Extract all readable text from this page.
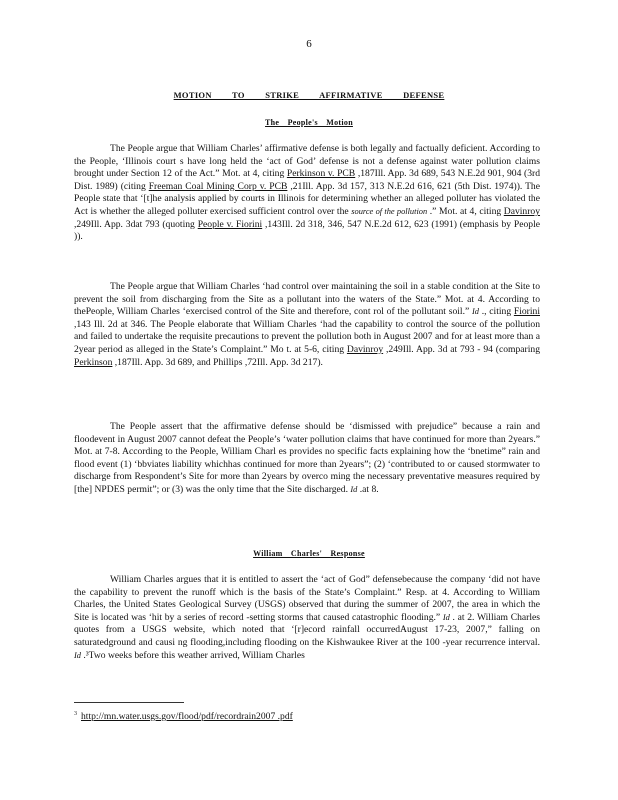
6
MOTION TO STRIKE AFFIRMATIVE DEFENSE
The People's Motion

The People argue that William Charles’ affirmative defense is both legally and factually deficient. According to the People, ‘Illinois court s have long held the ‘act of God’ defense is not a defense against water pollution claims brought under Section 12 of the Act.” Mot. at 4, citing Perkinson v. PCB ,187Ill. App. 3d 689, 543 N.E.2d 901, 904 (3rd Dist. 1989) (citing Freeman Coal Mining Corp v. PCB ,21Ill. App. 3d 157, 313 N.E.2d 616, 621 (5th Dist. 1974)). The People state that ‘[t]he analysis applied by courts in Illinois for determining whether an alleged polluter has violated the Act is whether the alleged polluter exercised sufficient control over the source of the pollution .” Mot. at 4, citing Davinroy ,249Ill. App. 3dat 793 (quoting People v. Fiorini ,143Ill. 2d 318, 346, 547 N.E.2d 612, 623 (1991) (emphasis by People )).

The People argue that William Charles ‘had control over maintaining the soil in a stable condition at the Site to prevent the soil from discharging from the Site as a pollutant into the waters of the State.” Mot. at 4. According to thePeople, William Charles ‘exercised control of the Site and therefore, cont rol of the pollutant soil.” Id ., citing Fiorini ,143 Ill. 2d at 346. The People elaborate that William Charles ‘had the capability to control the source of the pollution and failed to undertake the requisite precautions to prevent the pollution both in August 2007 and for at least more than a 2year period as alleged in the State’s Complaint.” Mo t. at 5-6, citing Davinroy ,249Ill. App. 3d at 793 - 94 (comparing Perkinson ,187Ill. App. 3d 689, and Phillips ,72Ill. App. 3d 217).

The People assert that the affirmative defense should be ‘dismissed with prejudice” because a rain and floodevent in August 2007 cannot defeat the People’s ‘water pollution claims that have continued for more than 2years.” Mot. at 7-8. According to the People, William Charl es provides no specific facts explaining how the ‘bnetime” rain and flood event (1) ‘bbviates liability whichhas continued for more than 2years”; (2) ‘contributed to or caused stormwater to discharge from Respondent’s Site for more than 2years by overco ming the necessary preventative measures required by [the] NPDES permit”; or (3) was the only time that the Site discharged. Id .at 8.

William Charles' Response

William Charles argues that it is entitled to assert the ‘act of God” defensebecause the company ‘did not have the capability to prevent the runoff which is the basis of the State’s Complaint.” Resp. at 4. According to William Charles, the United States Geological Survey (USGS) observed that during the summer of 2007, the area in which the Site is located was ‘hit by a series of record -setting storms that caused catastrophic flooding.” Id . at 2. William Charles quotes from a USGS website, which noted that ‘[r]ecord rainfall occurredAugust 17-23, 2007,” falling on saturatedground and causi ng flooding,including flooding on the Kishwaukee River at the 100 -year recurrence interval. Id .³Two weeks before this weather arrived, William Charles

$^3$ http://mn.water.usgs.gov/flood/pdf/recordrain2007 .pdf
